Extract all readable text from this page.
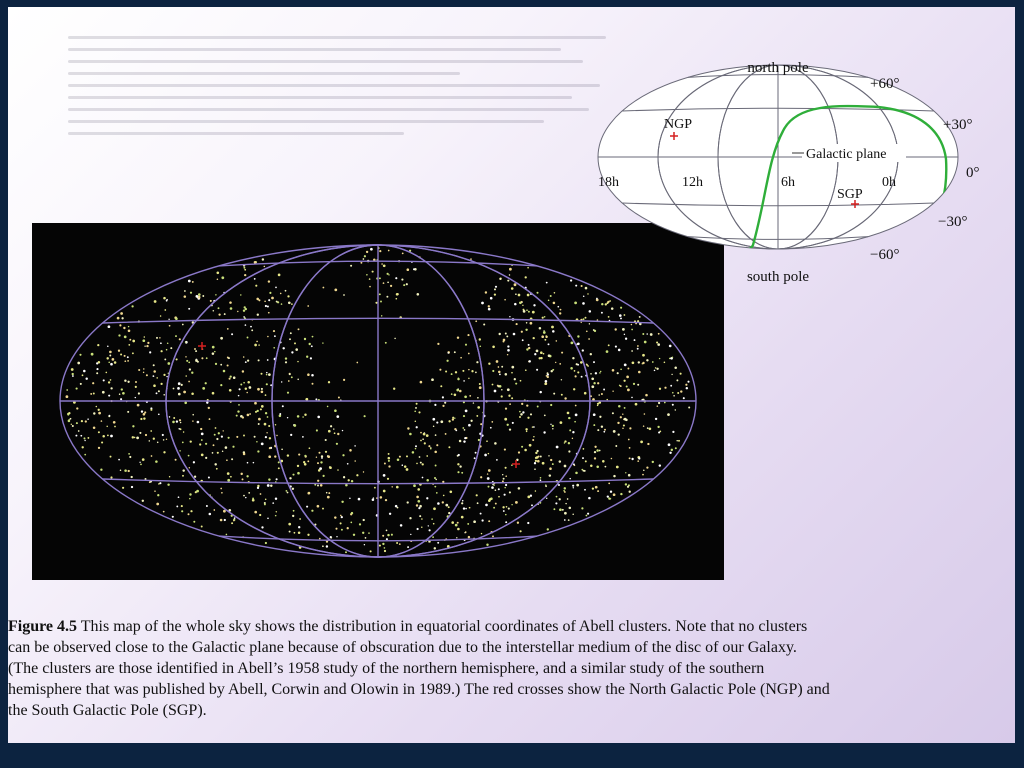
north pole
south pole
+60°
+30°
0°
−30°
−60°
18h	12h	6h	0h
Galactic plane
NGP
SGP
Figure 4.5 This map of the whole sky shows the distribution in equatorial coordinates of Abell clusters. Note that no clusters
can be observed close to the Galactic plane because of obscuration due to the interstellar medium of the disc of our Galaxy.
(The clusters are those identified in Abell’s 1958 study of the northern hemisphere, and a similar study of the southern
hemisphere that was published by Abell, Corwin and Olowin in 1989.) The red crosses show the North Galactic Pole (NGP) and
the South Galactic Pole (SGP).
